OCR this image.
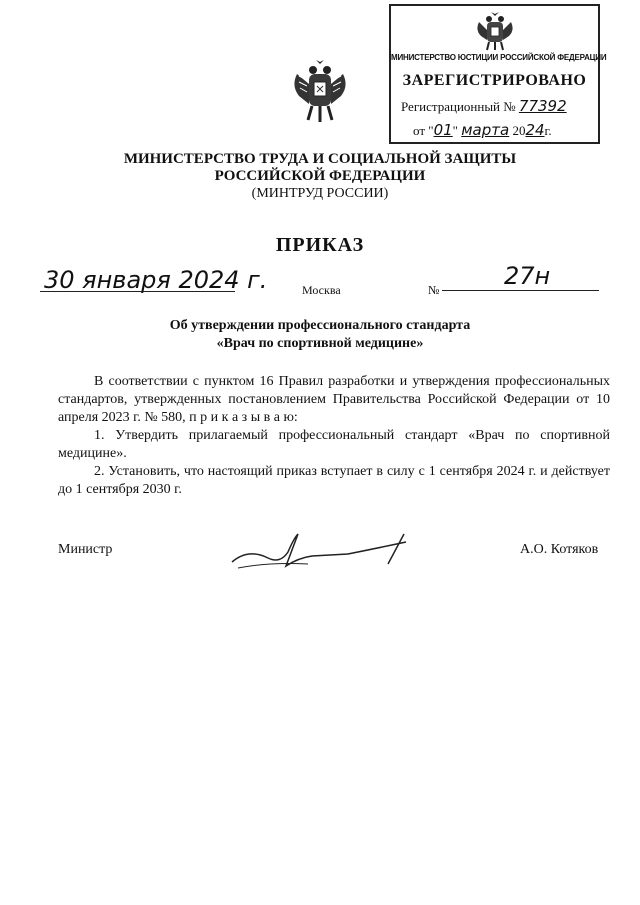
МИНИСТЕРСТВО ЮСТИЦИИ РОССИЙСКОЙ ФЕДЕРАЦИИ
ЗАРЕГИСТРИРОВАНО
Регистрационный № 77392
от "01" марта 2024г.
МИНИСТЕРСТВО ТРУДА И СОЦИАЛЬНОЙ ЗАЩИТЫ
РОССИЙСКОЙ ФЕДЕРАЦИИ
(МИНТРУД РОССИИ)
ПРИКАЗ
30 января 2024 г.	Москва	№	27н
Об утверждении профессионального стандарта
«Врач по спортивной медицине»
В соответствии с пунктом 16 Правил разработки и утверждения профессиональных стандартов, утвержденных постановлением Правительства Российской Федерации от 10 апреля 2023 г. № 580, п р и к а з ы в а ю:
1. Утвердить прилагаемый профессиональный стандарт «Врач по спортивной медицине».
2. Установить, что настоящий приказ вступает в силу с 1 сентября 2024 г. и действует до 1 сентября 2030 г.
Министр	А.О. Котяков
